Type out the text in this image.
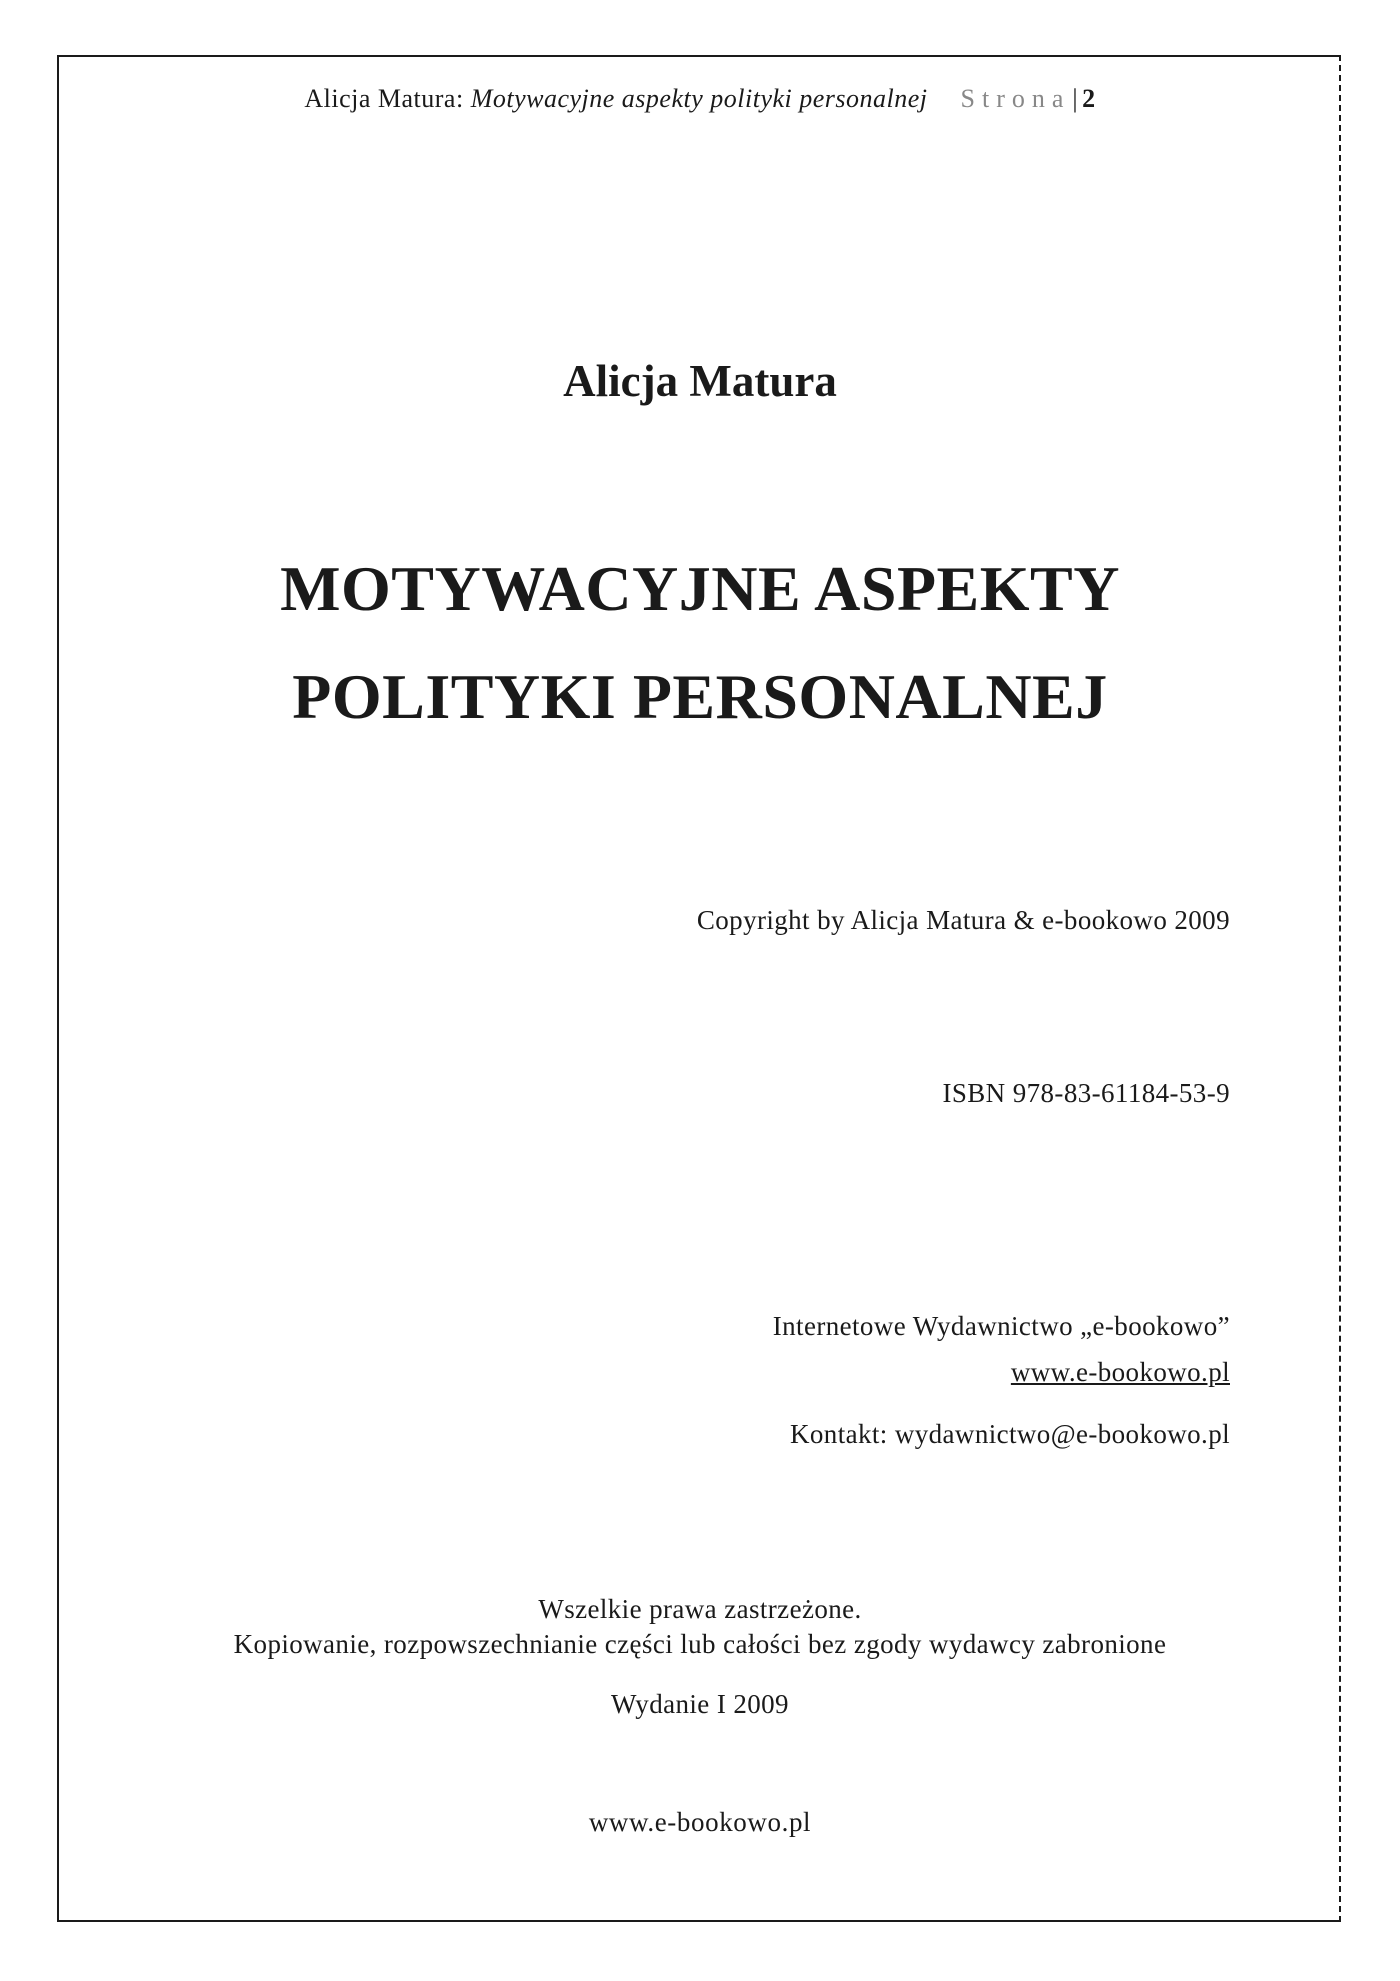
Alicja Matura: Motywacyjne aspekty polityki personalnej Strona| 2
Alicja Matura
MOTYWACYJNE ASPEKTY
POLITYKI PERSONALNEJ
Copyright by Alicja Matura & e-bookowo 2009
ISBN 978-83-61184-53-9
Internetowe Wydawnictwo „e-bookowo”
www.e-bookowo.pl
Kontakt: wydawnictwo@e-bookowo.pl
Wszelkie prawa zastrzeżone.
Kopiowanie, rozpowszechnianie części lub całości bez zgody wydawcy zabronione
Wydanie I 2009
www.e-bookowo.pl
